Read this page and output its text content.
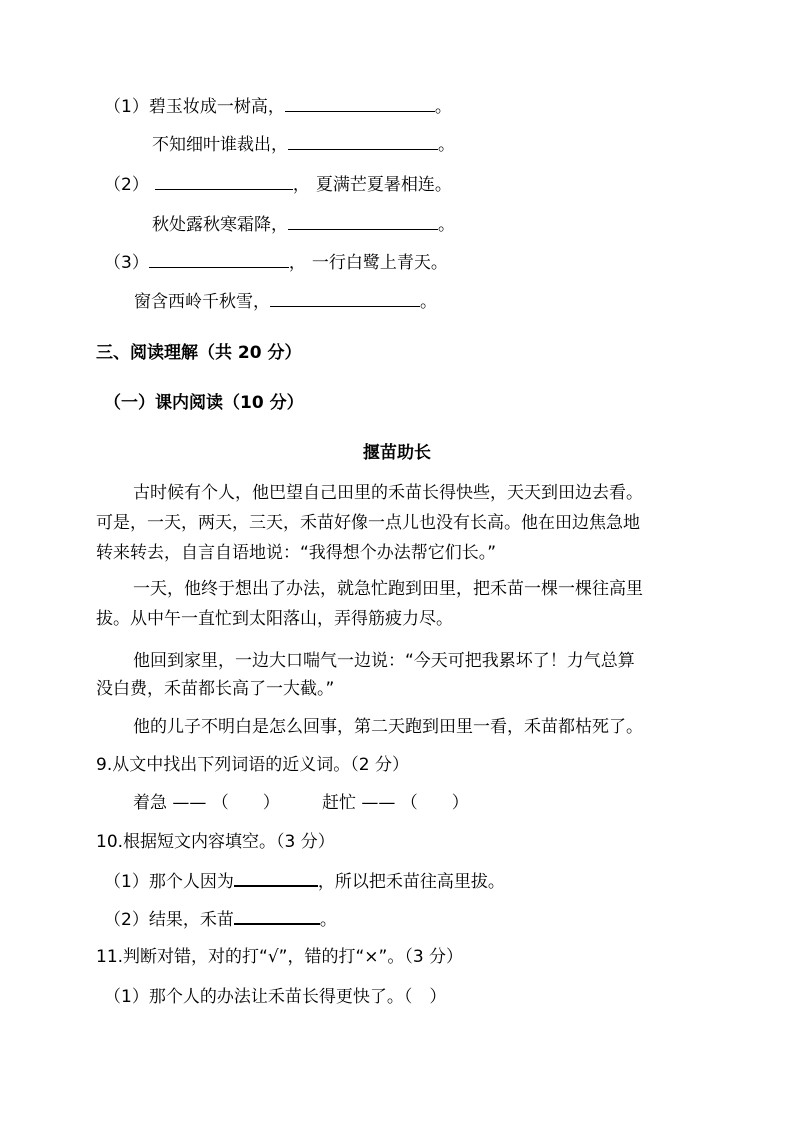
（1）碧玉妆成一树高，	。
不知细叶谁裁出，	。
（2）	， 夏满芒夏暑相连。
秋处露秋寒霜降，	。
（3）	， 一行白鹭上青天。
窗含西岭千秋雪，	。
三、阅读理解（共 20 分）
（一）课内阅读（10 分）
揠苗助长
古时候有个人，他巴望自己田里的禾苗长得快些，天天到田边去看。
可是，一天，两天，三天，禾苗好像一点儿也没有长高。他在田边焦急地
转来转去，自言自语地说：“我得想个办法帮它们长。”
一天，他终于想出了办法，就急忙跑到田里，把禾苗一棵一棵往高里
拔。从中午一直忙到太阳落山，弄得筋疲力尽。
他回到家里，一边大口喘气一边说：“今天可把我累坏了！力气总算
没白费，禾苗都长高了一大截。”
他的儿子不明白是怎么回事，第二天跑到田里一看，禾苗都枯死了。
9.从文中找出下列词语的近义词。（2 分）
着急 —— （　　） 赶忙 —— （　　）
10.根据短文内容填空。（3 分）
（1）那个人因为	，所以把禾苗往高里拔。
（2）结果，禾苗	。
11.判断对错，对的打“√”，错的打“×”。（3 分）
（1）那个人的办法让禾苗长得更快了。（　）
